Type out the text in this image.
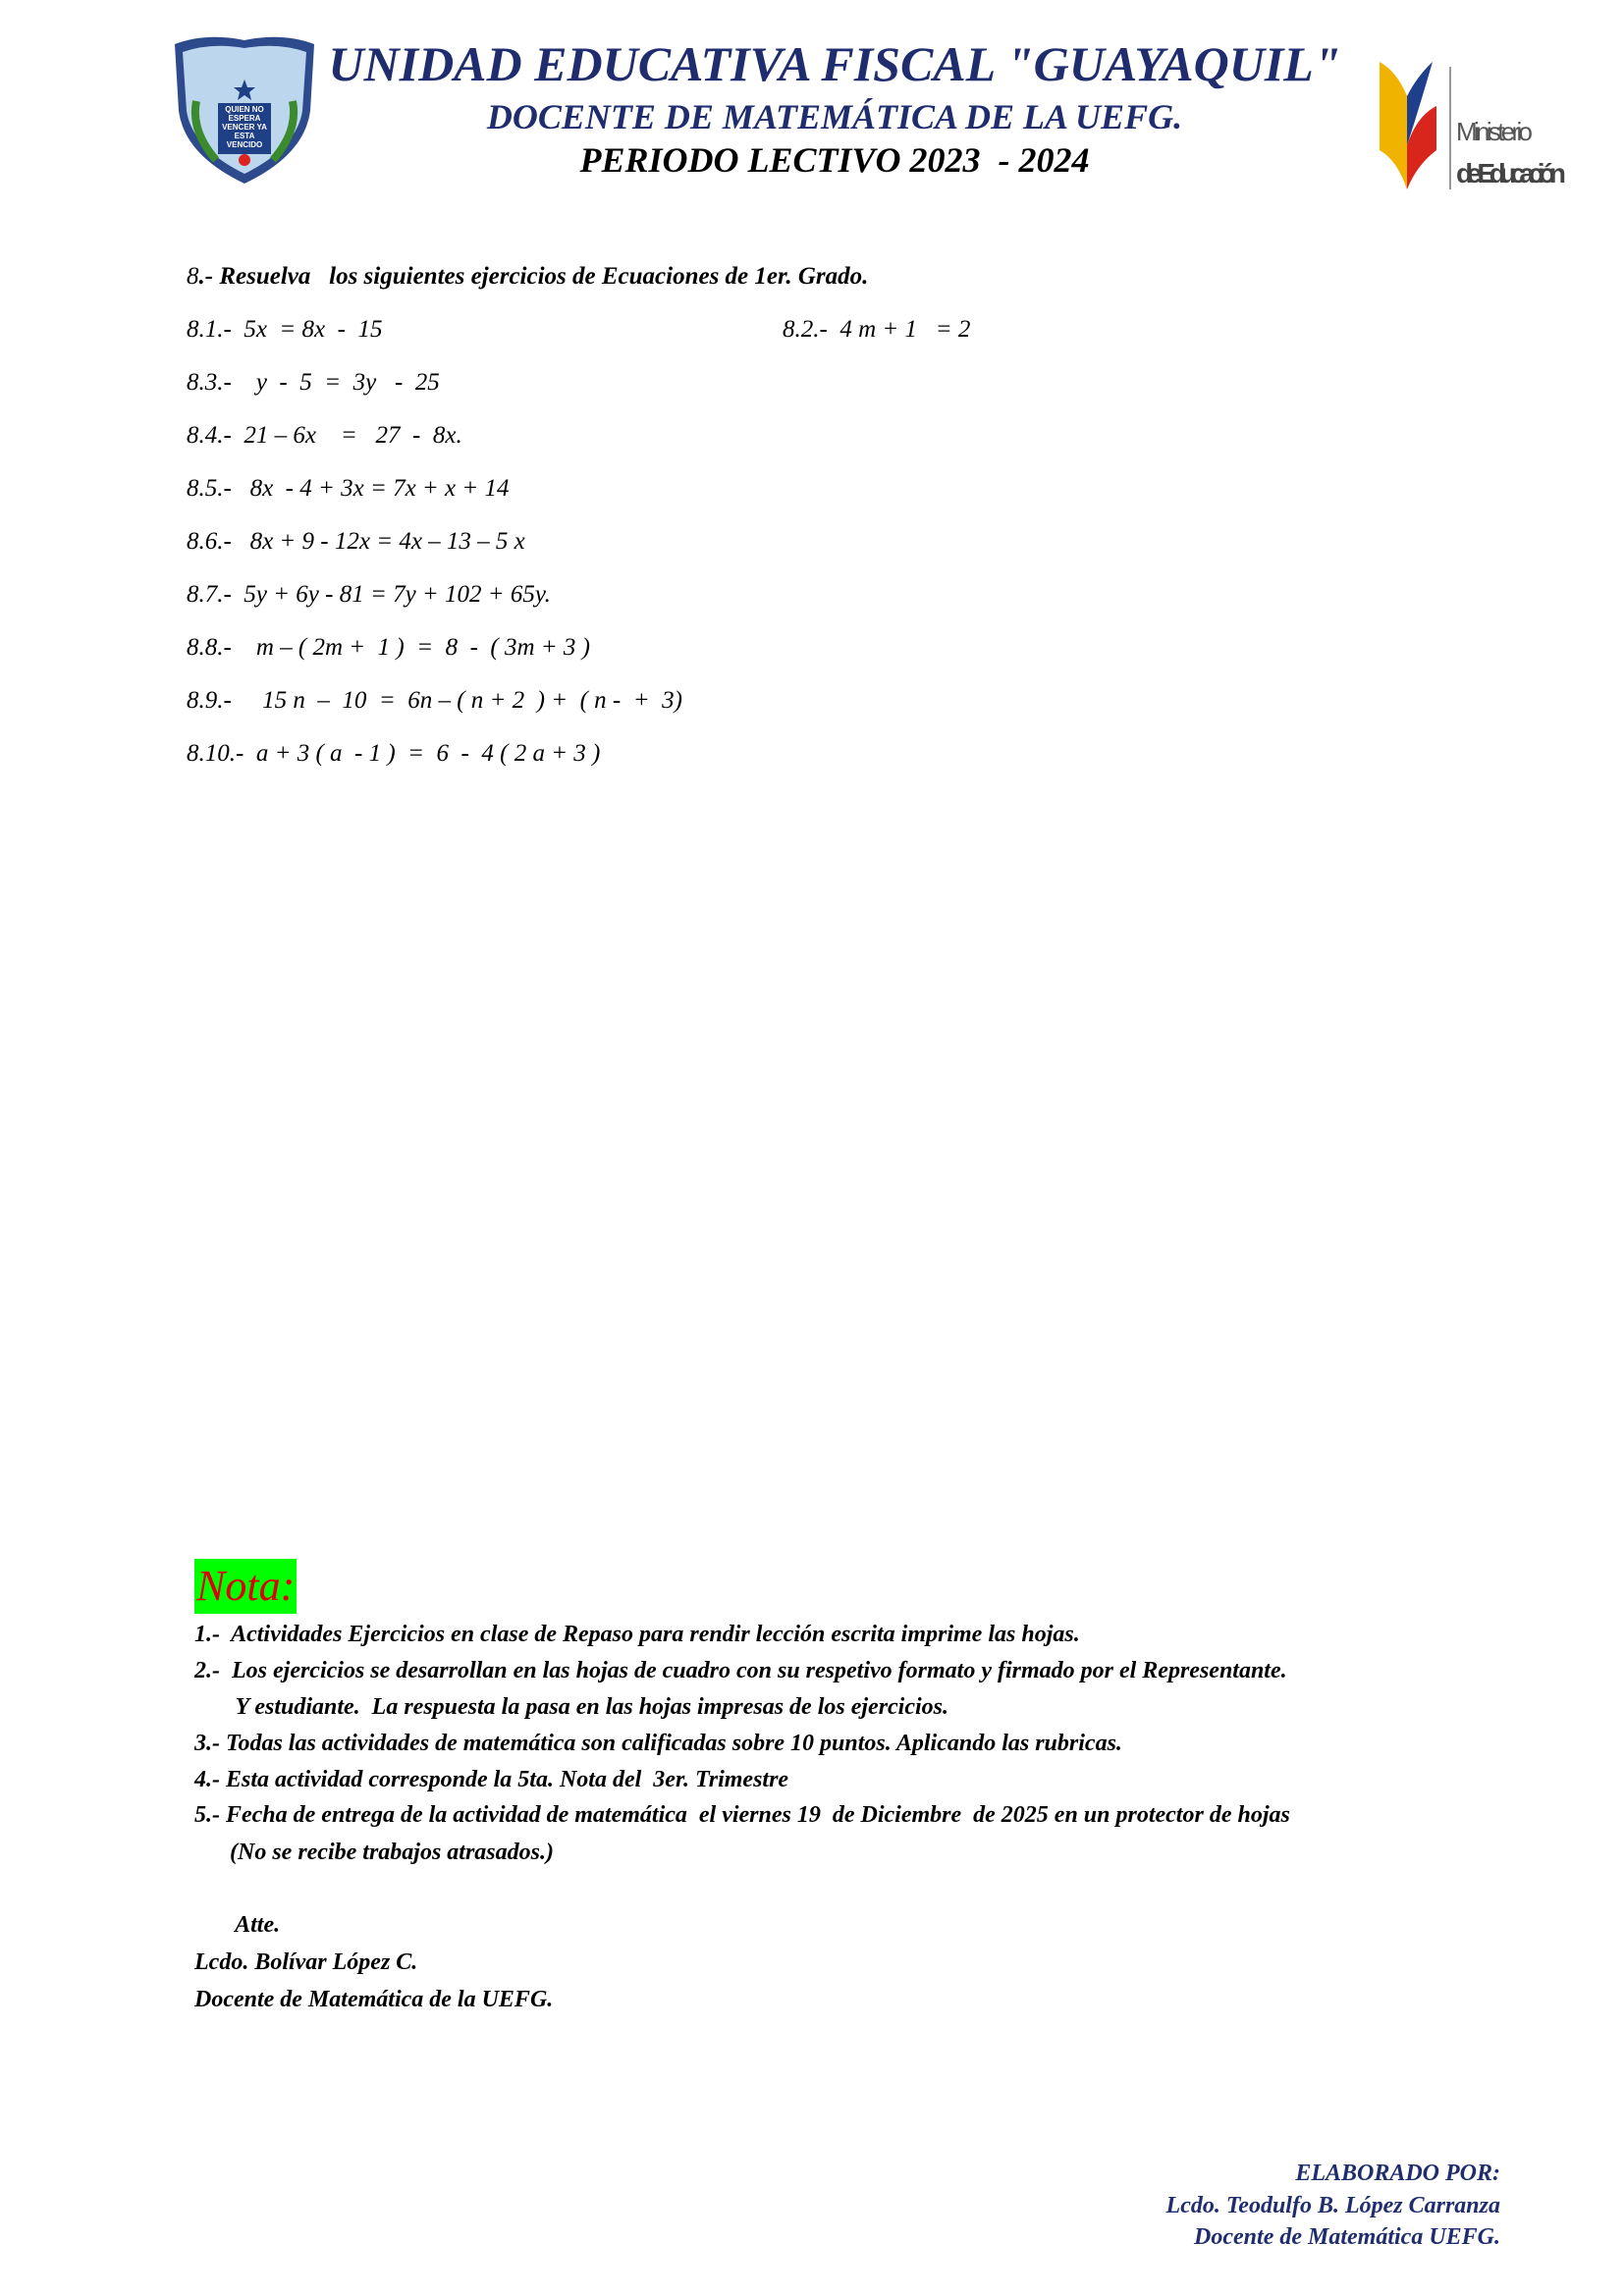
QUIEN NO ESPERA VENCER YA ESTA VENCIDO

	Ministerio
de Educación

UNIDAD EDUCATIVA FISCAL "GUAYAQUIL"
DOCENTE DE MATEMÁTICA DE LA UEFG.
PERIODO LECTIVO 2023  - 2024
8.- Resuelva   los siguientes ejercicios de Ecuaciones de 1er. Grado.
8.1.-  5x  = 8x  -  15	8.2.-  4 m + 1   = 2
8.3.-    y  -  5  =  3y   -  25
8.4.-  21 – 6x    =   27  -  8x.
8.5.-   8x  - 4 + 3x = 7x + x + 14
8.6.-   8x + 9 - 12x = 4x – 13 – 5 x
8.7.-  5y + 6y - 81 = 7y + 102 + 65y.
8.8.-    m – ( 2m +  1 )  =  8  -  ( 3m + 3 )
8.9.-     15 n  –  10  =  6n – ( n + 2  ) +  ( n -  +  3)
8.10.-  a + 3 ( a  - 1 )  =  6  -  4 ( 2 a + 3 )
Nota:
1.-  Actividades Ejercicios en clase de Repaso para rendir lección escrita imprime las hojas.
2.-  Los ejercicios se desarrollan en las hojas de cuadro con su respetivo formato y firmado por el Representante.
Y estudiante.  La respuesta la pasa en las hojas impresas de los ejercicios.
3.- Todas las actividades de matemática son calificadas sobre 10 puntos. Aplicando las rubricas.
4.- Esta actividad corresponde la 5ta. Nota del  3er. Trimestre
5.- Fecha de entrega de la actividad de matemática  el viernes 19  de Diciembre  de 2025 en un protector de hojas
(No se recibe trabajos atrasados.)
Atte.
Lcdo. Bolívar López C.
Docente de Matemática de la UEFG.
ELABORADO POR:
Lcdo. Teodulfo B. López Carranza
Docente de Matemática UEFG.
